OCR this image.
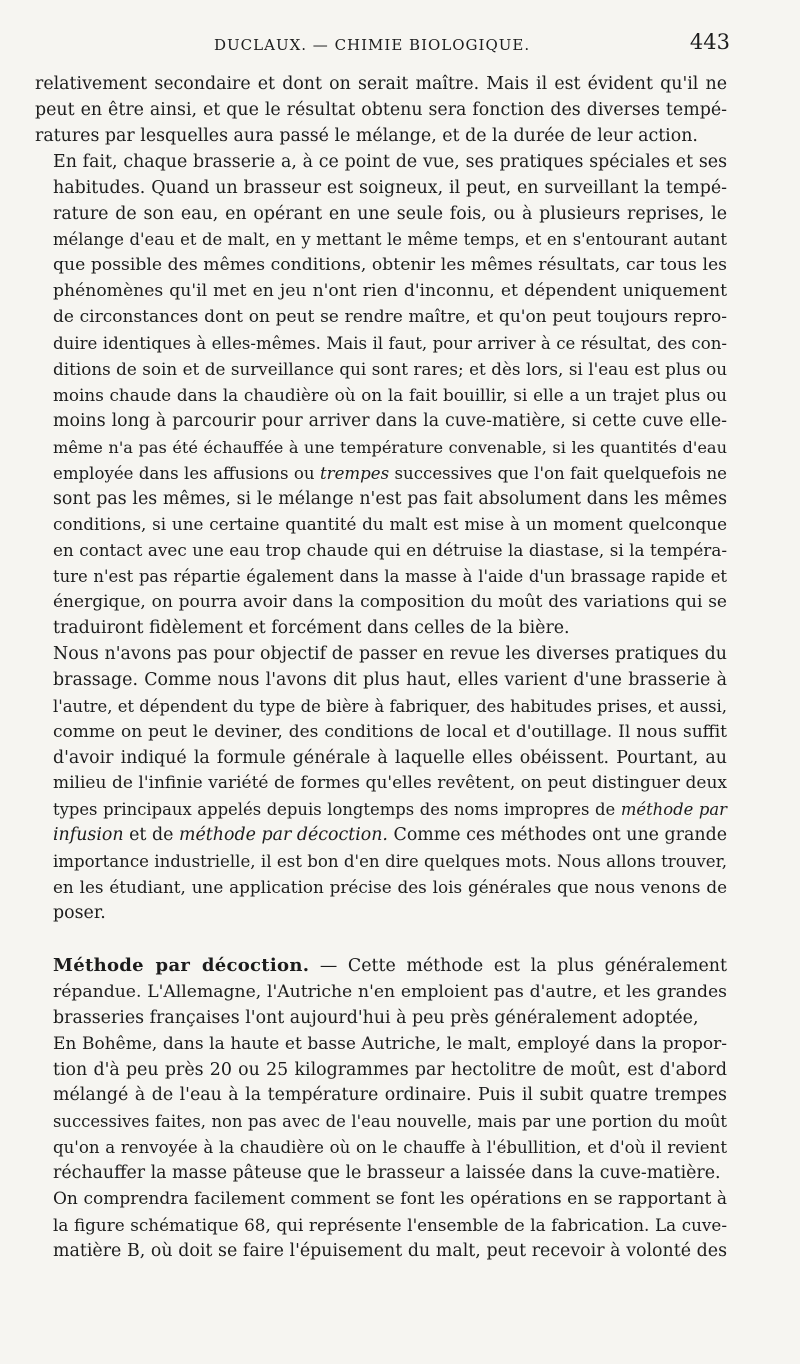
DUCLAUX. — CHIMIE BIOLOGIQUE.	443

relativement secondaire et dont on serait maître. Mais il est évident qu'il ne
peut en être ainsi, et que le résultat obtenu sera fonction des diverses tempé-
ratures par lesquelles aura passé le mélange, et de la durée de leur action.

En fait, chaque brasserie a, à ce point de vue, ses pratiques spéciales et ses
habitudes. Quand un brasseur est soigneux, il peut, en surveillant la tempé-
rature de son eau, en opérant en une seule fois, ou à plusieurs reprises, le
mélange d'eau et de malt, en y mettant le même temps, et en s'entourant autant
que possible des mêmes conditions, obtenir les mêmes résultats, car tous les
phénomènes qu'il met en jeu n'ont rien d'inconnu, et dépendent uniquement
de circonstances dont on peut se rendre maître, et qu'on peut toujours repro-
duire identiques à elles-mêmes. Mais il faut, pour arriver à ce résultat, des con-
ditions de soin et de surveillance qui sont rares; et dès lors, si l'eau est plus ou
moins chaude dans la chaudière où on la fait bouillir, si elle a un trajet plus ou
moins long à parcourir pour arriver dans la cuve-matière, si cette cuve elle-
même n'a pas été échauffée à une température convenable, si les quantités d'eau
employée dans les affusions ou trempes successives que l'on fait quelquefois ne
sont pas les mêmes, si le mélange n'est pas fait absolument dans les mêmes
conditions, si une certaine quantité du malt est mise à un moment quelconque
en contact avec une eau trop chaude qui en détruise la diastase, si la tempéra-
ture n'est pas répartie également dans la masse à l'aide d'un brassage rapide et
énergique, on pourra avoir dans la composition du moût des variations qui se
traduiront fidèlement et forcément dans celles de la bière.

Nous n'avons pas pour objectif de passer en revue les diverses pratiques du
brassage. Comme nous l'avons dit plus haut, elles varient d'une brasserie à
l'autre, et dépendent du type de bière à fabriquer, des habitudes prises, et aussi,
comme on peut le deviner, des conditions de local et d'outillage. Il nous suffit
d'avoir indiqué la formule générale à laquelle elles obéissent. Pourtant, au
milieu de l'infinie variété de formes qu'elles revêtent, on peut distinguer deux
types principaux appelés depuis longtemps des noms impropres de méthode par
infusion et de méthode par décoction. Comme ces méthodes ont une grande
importance industrielle, il est bon d'en dire quelques mots. Nous allons trouver,
en les étudiant, une application précise des lois générales que nous venons de
poser.

Méthode par décoction. — Cette méthode est la plus généralement
répandue. L'Allemagne, l'Autriche n'en emploient pas d'autre, et les grandes
brasseries françaises l'ont aujourd'hui à peu près généralement adoptée,

En Bohême, dans la haute et basse Autriche, le malt, employé dans la propor-
tion d'à peu près 20 ou 25 kilogrammes par hectolitre de moût, est d'abord
mélangé à de l'eau à la température ordinaire. Puis il subit quatre trempes
successives faites, non pas avec de l'eau nouvelle, mais par une portion du moût
qu'on a renvoyée à la chaudière où on le chauffe à l'ébullition, et d'où il revient
réchauffer la masse pâteuse que le brasseur a laissée dans la cuve-matière.

On comprendra facilement comment se font les opérations en se rapportant à
la figure schématique 68, qui représente l'ensemble de la fabrication. La cuve-
matière B, où doit se faire l'épuisement du malt, peut recevoir à volonté des
